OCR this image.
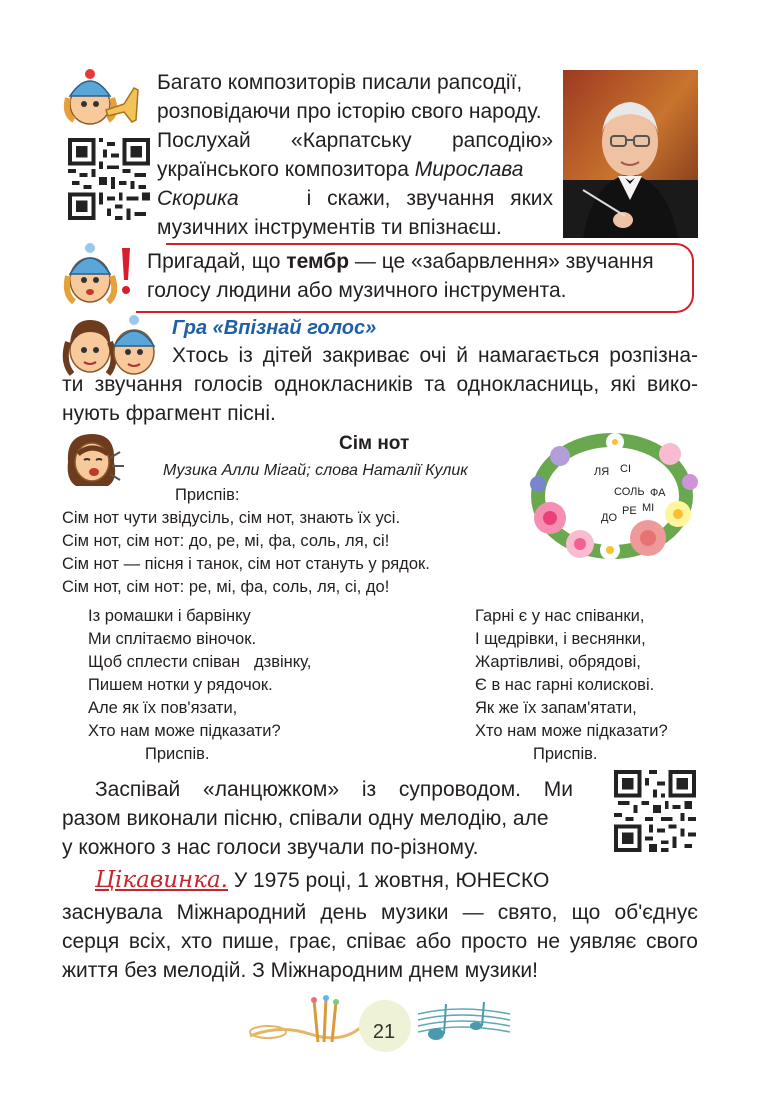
Багато композиторів писали рапсодії,
розповідаючи про історію свого народу.
Послухай «Карпатську рапсодію»
українського композитора Мирослава
Скорика	і скажи, звучання яких
музичних інструментів ти впізнаєш.
Пригадай, що тембр — це «забарвлення» звучання
голосу людини або музичного інструмента.
Гра «Впізнай голос»
Хтось із дітей закриває очі й намагається розпізна-
ти звучання голосів однокласників та однокласниць, які вико-
нують фрагмент пісні.
Сім нот
Музика Алли Мігай; слова Наталії Кулик
Приспів:
Сім нот чути звідусіль, сім нот, знають їх усі.
Сім нот, сім нот: до, ре, мі, фа, соль, ля, сі!
Сім нот — пісня і танок, сім нот стануть у рядок.
Сім нот, сім нот: ре, мі, фа, соль, ля, сі, до!
ЛЯ СІ
СОЛЬ ФА
МІ
ДО
РЕ
Із ромашки і барвінку
Ми сплітаємо віночок.
Щоб сплести співан дзвінку,
Пишем нотки у рядочок.
Але як їх пов'язати,
Хто нам може підказати?
Приспів.
Гарні є у нас співанки,
І щедрівки, і веснянки,
Жартівливі, обрядові,
Є в нас гарні колискові.
Як же їх запам'ятати,
Хто нам може підказати?
Приспів.
Заспівай «ланцюжком» із супроводом. Ми
разом виконали пісню, співали одну мелодію, але
у кожного з нас голоси звучали по-різному.
Цікавинка. У 1975 році, 1 жовтня, ЮНЕСКО
заснувала Міжнародний день музики — свято, що об'єднує
серця всіх, хто пише, грає, співає або просто не уявляє свого
життя без мелодій. З Міжнародним днем музики!
21
